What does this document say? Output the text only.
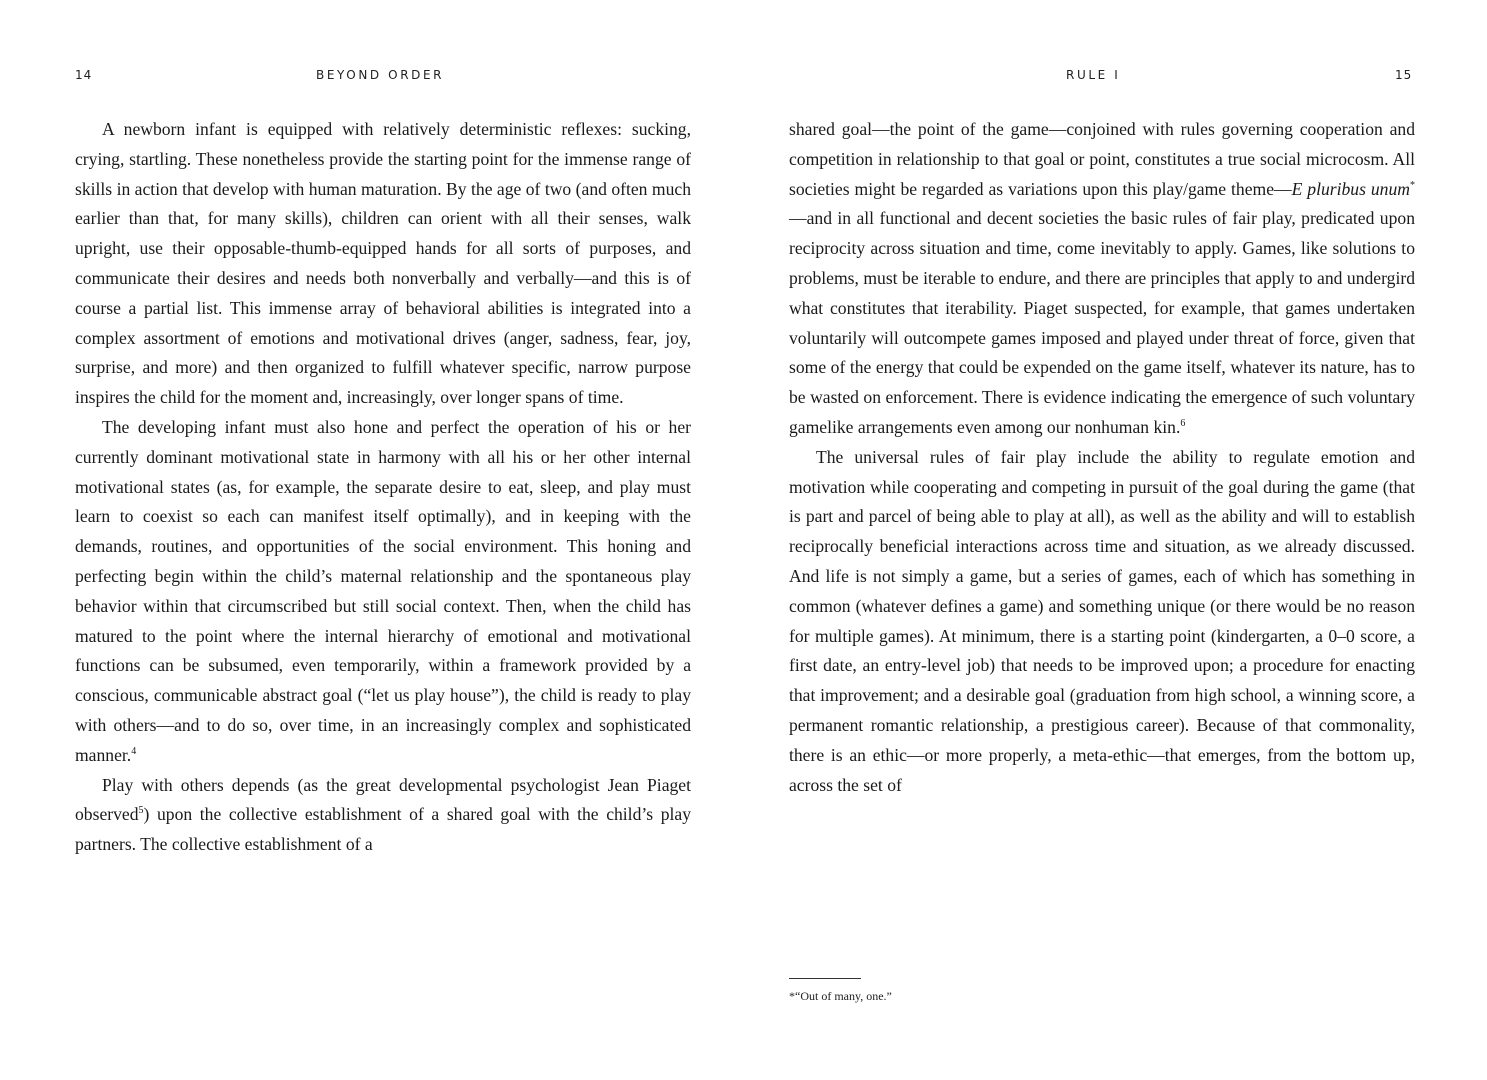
14	BEYOND ORDER

A newborn infant is equipped with relatively deterministic reflexes: sucking, crying, startling. These nonetheless provide the starting point for the immense range of skills in action that develop with human maturation. By the age of two (and often much earlier than that, for many skills), children can orient with all their senses, walk upright, use their opposable-thumb-equipped hands for all sorts of purposes, and communicate their desires and needs both nonverbally and verbally—and this is of course a partial list. This immense array of behavioral abilities is integrated into a complex assortment of emotions and motivational drives (anger, sadness, fear, joy, surprise, and more) and then organized to fulfill whatever specific, narrow purpose inspires the child for the moment and, increasingly, over longer spans of time.

The developing infant must also hone and perfect the operation of his or her currently dominant motivational state in harmony with all his or her other internal motivational states (as, for example, the separate desire to eat, sleep, and play must learn to coexist so each can manifest itself optimally), and in keeping with the demands, routines, and opportunities of the social environment. This honing and perfecting begin within the child’s maternal relationship and the spontaneous play behavior within that circumscribed but still social context. Then, when the child has matured to the point where the internal hierarchy of emotional and motivational functions can be subsumed, even temporarily, within a framework provided by a conscious, communicable abstract goal (“let us play house”), the child is ready to play with others—and to do so, over time, in an increasingly complex and sophisticated manner.$^4$

Play with others depends (as the great developmental psychologist Jean Piaget observed$^5$) upon the collective establishment of a shared goal with the child’s play partners. The collective establishment of a

RULE I	15

shared goal—the point of the game—conjoined with rules governing cooperation and competition in relationship to that goal or point, constitutes a true social microcosm. All societies might be regarded as variations upon this play/game theme—E pluribus unum*—and in all functional and decent societies the basic rules of fair play, predicated upon reciprocity across situation and time, come inevitably to apply. Games, like solutions to problems, must be iterable to endure, and there are principles that apply to and undergird what constitutes that iterability. Piaget suspected, for example, that games undertaken voluntarily will outcompete games imposed and played under threat of force, given that some of the energy that could be expended on the game itself, whatever its nature, has to be wasted on enforcement. There is evidence indicating the emergence of such voluntary gamelike arrangements even among our nonhuman kin.$^6$

The universal rules of fair play include the ability to regulate emotion and motivation while cooperating and competing in pursuit of the goal during the game (that is part and parcel of being able to play at all), as well as the ability and will to establish reciprocally beneficial interactions across time and situation, as we already discussed. And life is not simply a game, but a series of games, each of which has something in common (whatever defines a game) and something unique (or there would be no reason for multiple games). At minimum, there is a starting point (kindergarten, a 0–0 score, a first date, an entry-level job) that needs to be improved upon; a procedure for enacting that improvement; and a desirable goal (graduation from high school, a winning score, a permanent romantic relationship, a prestigious career). Because of that commonality, there is an ethic—or more properly, a meta-ethic—that emerges, from the bottom up, across the set of

*“Out of many, one.”
